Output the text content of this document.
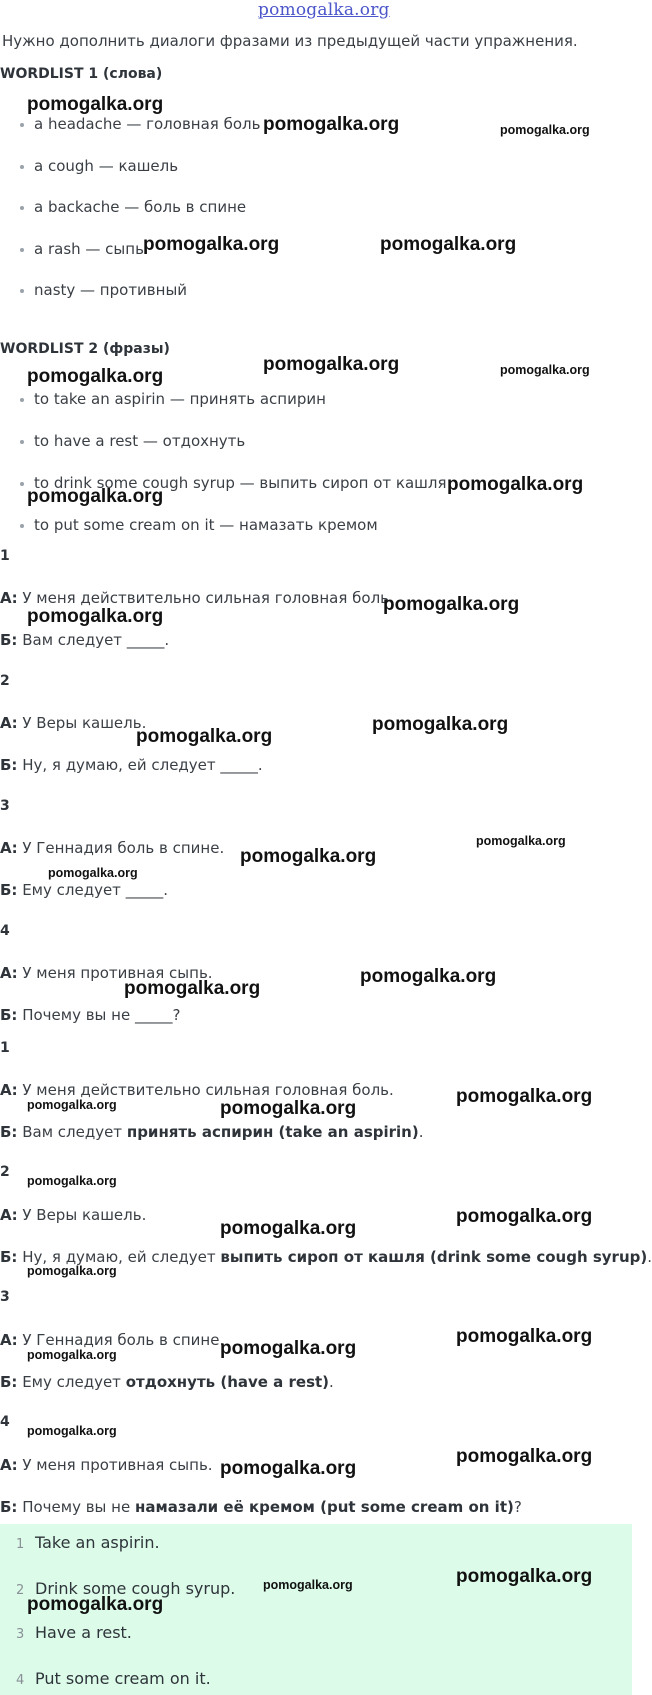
pomogalka.org
Нужно дополнить диалоги фразами из предыдущей части упражнения.
WORDLIST 1 (слова)
a headache — головная боль
a cough — кашель
a backache — боль в спине
a rash — сыпь
nasty — противный
WORDLIST 2 (фразы)
to take an aspirin — принять аспирин
to have a rest — отдохнуть
to drink some cough syrup — выпить сироп от кашля
to put some cream on it — намазать кремом
1
А: У меня действительно сильная головная боль.
Б: Вам следует _____.
2
А: У Веры кашель.
Б: Ну, я думаю, ей следует _____.
3
А: У Геннадия боль в спине.
Б: Ему следует _____.
4
А: У меня противная сыпь.
Б: Почему вы не _____?
1
А: У меня действительно сильная головная боль.
Б: Вам следует принять аспирин (take an aspirin).
2
А: У Веры кашель.
Б: Ну, я думаю, ей следует выпить сироп от кашля (drink some cough syrup).
3
А: У Геннадия боль в спине.
Б: Ему следует отдохнуть (have a rest).
4
А: У меня противная сыпь.
Б: Почему вы не намазали её кремом (put some cream on it)?
1 Take an aspirin.
2 Drink some cough syrup.
3 Have a rest.
4 Put some cream on it.
pomogalka.org
pomogalka.org	pomogalka.org
pomogalka.org	pomogalka.org
pomogalka.org
pomogalka.org	pomogalka.org
pomogalka.org
pomogalka.org
pomogalka.org
pomogalka.org
pomogalka.org
pomogalka.org
pomogalka.org
pomogalka.org
pomogalka.org
pomogalka.org
pomogalka.org
pomogalka.org
pomogalka.org	pomogalka.org
pomogalka.org
pomogalka.org
pomogalka.org
pomogalka.org
pomogalka.org
pomogalka.org
pomogalka.org
pomogalka.org
pomogalka.org
pomogalka.org
pomogalka.org
pomogalka.org
pomogalka.org
